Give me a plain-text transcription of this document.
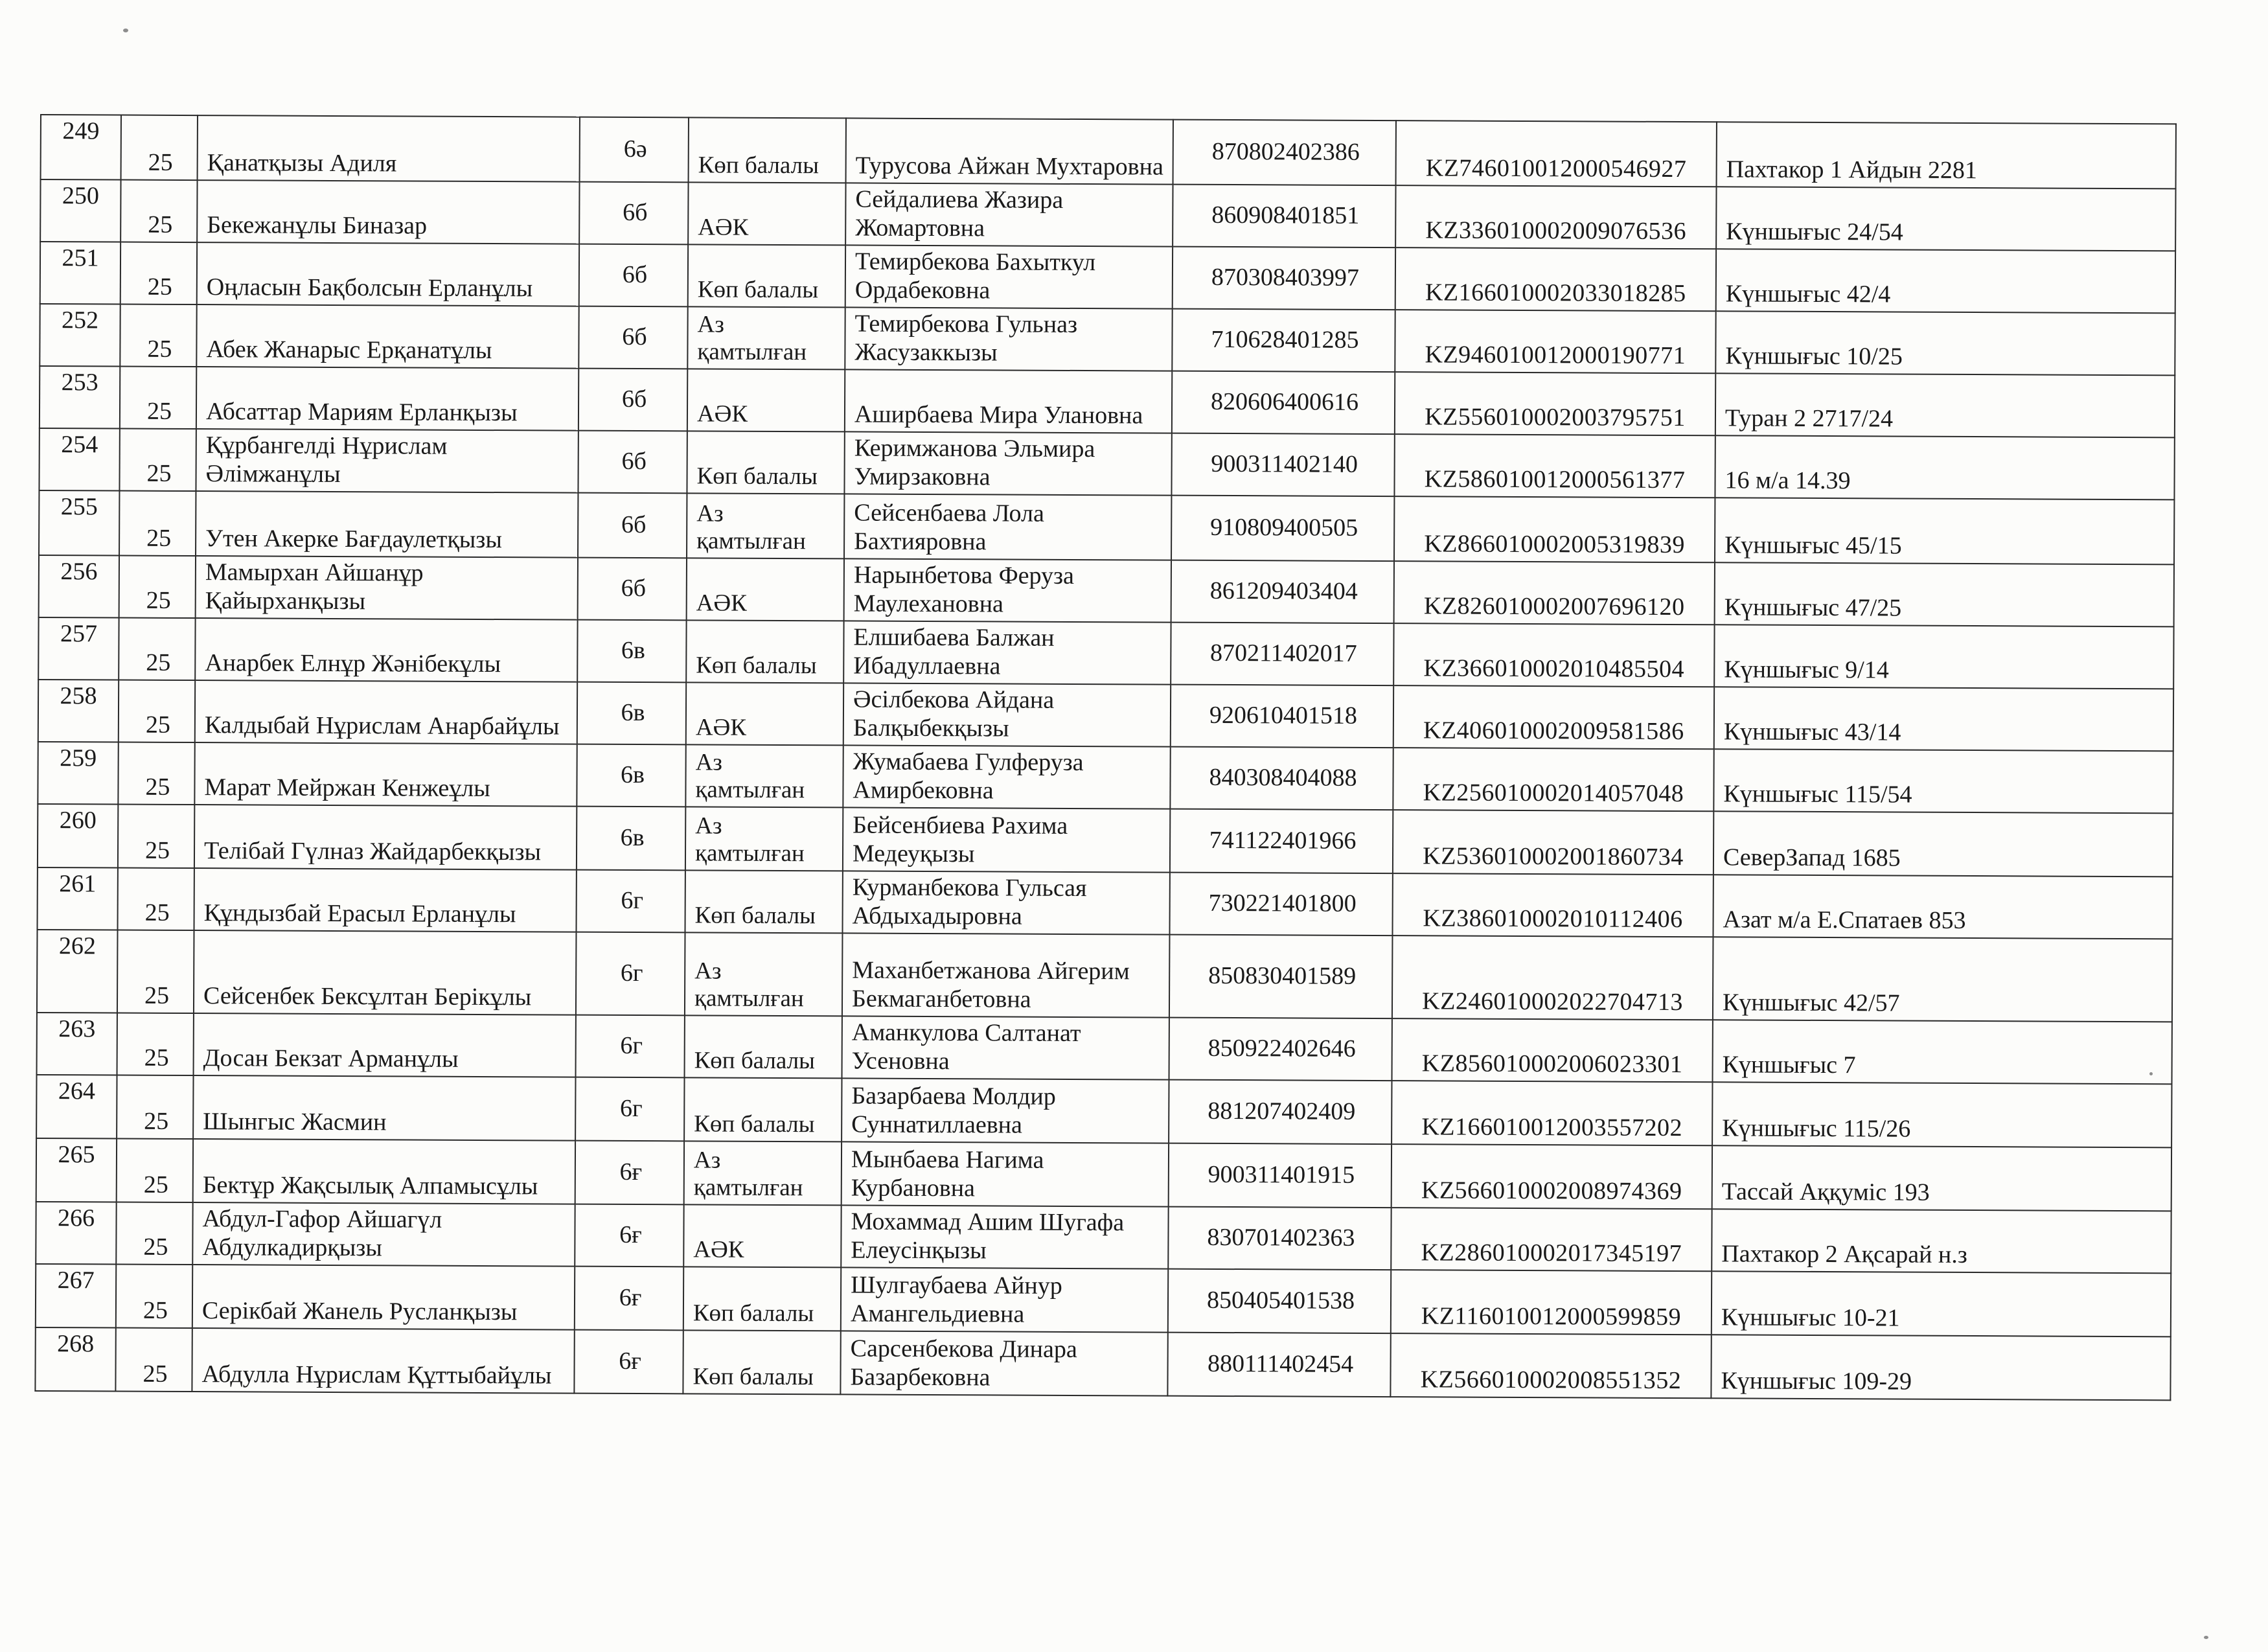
249	25	Қанатқызы Адиля	6ә	Көп балалы	Турусова Айжан Мухтаровна	870802402386	KZ746010012000546927	Пахтакор 1 Айдын 2281
250	25	Бекежанұлы Биназар	6б	АӘК	Сейдалиева Жазира Жомартовна	860908401851	KZ336010002009076536	Күншығыс 24/54
251	25	Оңласын Бақболсын Ерланұлы	6б	Көп балалы	Темирбекова Бахыткул Ордабековна	870308403997	KZ166010002033018285	Күншығыс 42/4
252	25	Абек Жанарыс Ерқанатұлы	6б	Аз қамтылған	Темирбекова Гульназ Жасузаккызы	710628401285	KZ946010012000190771	Күншығыс 10/25
253	25	Абсаттар Мариям Ерланқызы	6б	АӘК	Аширбаева Мира Улановна	820606400616	KZ556010002003795751	Туран 2 2717/24
254	25	Құрбангелді Нұрислам Әлімжанұлы	6б	Көп балалы	Керимжанова Эльмира Умирзаковна	900311402140	KZ586010012000561377	16 м/а 14.39
255	25	Утен Акерке Бағдаулетқызы	6б	Аз қамтылған	Сейсенбаева Лола Бахтияровна	910809400505	KZ866010002005319839	Күншығыс 45/15
256	25	Мамырхан Айшанұр Қайырханқызы	6б	АӘК	Нарынбетова Феруза Маулехановна	861209403404	KZ826010002007696120	Күншығыс 47/25
257	25	Анарбек Елнұр Жәнібекұлы	6в	Көп балалы	Елшибаева Балжан Ибадуллаевна	870211402017	KZ366010002010485504	Күншығыс 9/14
258	25	Калдыбай Нұрислам Анарбайұлы	6в	АӘК	Әсілбекова Айдана Балқыбекқызы	920610401518	KZ406010002009581586	Күншығыс 43/14
259	25	Марат Мейржан Кенжеұлы	6в	Аз қамтылған	Жумабаева Гулферуза Амирбековна	840308404088	KZ256010002014057048	Күншығыс 115/54
260	25	Телібай Гүлназ Жайдарбекқызы	6в	Аз қамтылған	Бейсенбиева Рахима Медеуқызы	741122401966	KZ536010002001860734	СеверЗапад 1685
261	25	Құндызбай Ерасыл Ерланұлы	6г	Көп балалы	Курманбекова Гульсая Абдыхадыровна	730221401800	KZ386010002010112406	Азат м/а Е.Спатаев 853
262	25	Сейсенбек Бексұлтан Берікұлы	6г	Аз қамтылған	Маханбетжанова Айгерим Бекмаганбетовна	850830401589	KZ246010002022704713	Күншығыс 42/57
263	25	Досан Бекзат Арманұлы	6г	Көп балалы	Аманкулова Салтанат Усеновна	850922402646	KZ856010002006023301	Күншығыс 7
264	25	Шынгыс Жасмин	6г	Көп балалы	Базарбаева Молдир Суннатиллаевна	881207402409	KZ166010012003557202	Күншығыс 115/26
265	25	Бектұр Жақсылық Алпамысұлы	6ғ	Аз қамтылған	Мынбаева Нагима Курбановна	900311401915	KZ566010002008974369	Тассай Аққуміс 193
266	25	Абдул-Гафор Айшагүл Абдулкадирқызы	6ғ	АӘК	Мохаммад Ашим Шугафа Елеусінқызы	830701402363	KZ286010002017345197	Пахтакор 2 Ақсарай н.з
267	25	Серікбай Жанель Русланқызы	6ғ	Көп балалы	Шулгаубаева Айнур Амангельдиевна	850405401538	KZ116010012000599859	Күншығыс 10-21
268	25	Абдулла Нұрислам Құттыбайұлы	6ғ	Көп балалы	Сарсенбекова Динара Базарбековна	880111402454	KZ566010002008551352	Күншығыс 109-29
